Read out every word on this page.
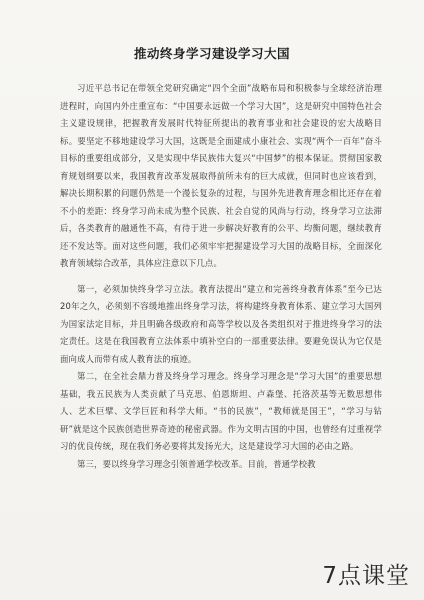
推动终身学习建设学习大国

习近平总书记在带领全党研究确定“四个全面”战略布局和积极参与全球经济治理进程时，向国内外庄重宣布：“中国要永远做一个学习大国”，这是研究中国特色社会主义建设规律，把握教育发展时代特征所提出的教育事业和社会建设的宏大战略目标。要坚定不移地建设学习大国，这既是全面建成小康社会、实现“两个一百年”奋斗目标的重要组成部分，又是实现中华民族伟大复兴“中国梦”的根本保证。贯彻国家教育规划纲要以来，我国教育改革发展取得前所未有的巨大成就，但同时也应该看到，解决长期积累的问题仍然是一个漫长复杂的过程，与国外先进教育理念相比还存在着不小的差距：终身学习尚未成为整个民族、社会自觉的风尚与行动，终身学习立法滞后，各类教育的融通性不高，有待于进一步解决好教育的公平、均衡问题，继续教育还不发达等。面对这些问题，我们必须牢牢把握建设学习大国的战略目标，全面深化教育领域综合改革，具体应注意以下几点。

第一，必须加快终身学习立法。教育法提出“建立和完善终身教育体系”至今已达20年之久，必须刻不容缓地推出终身学习法，将构建终身教育体系、建立学习大国列为国家法定目标，并且明确各级政府和高等学校以及各类组织对于推进终身学习的法定责任。这是在我国教育立法体系中填补空白的一部重要法律。要避免误认为它仅是面向成人而带有成人教育法的痕迹。

第二，在全社会鼎力普及终身学习理念。终身学习理念是“学习大国”的重要思想基础，我五民族为人类贡献了马克思、伯恩斯坦、卢森堡、托洛茨基等无数思想伟人、艺术巨擘、文学巨匠和科学大师。“书的民族”，“教师就是国王”，“学习与钻研”就是这个民族创造世界奇迹的秘密武器。作为文明古国的中国，也曾经有过重视学习的优良传统，现在我们务必要将其发扬光大，这是建设学习大国的必由之路。

第三，要以终身学习理念引领普通学校改革。目前，普通学校教

7点课堂
